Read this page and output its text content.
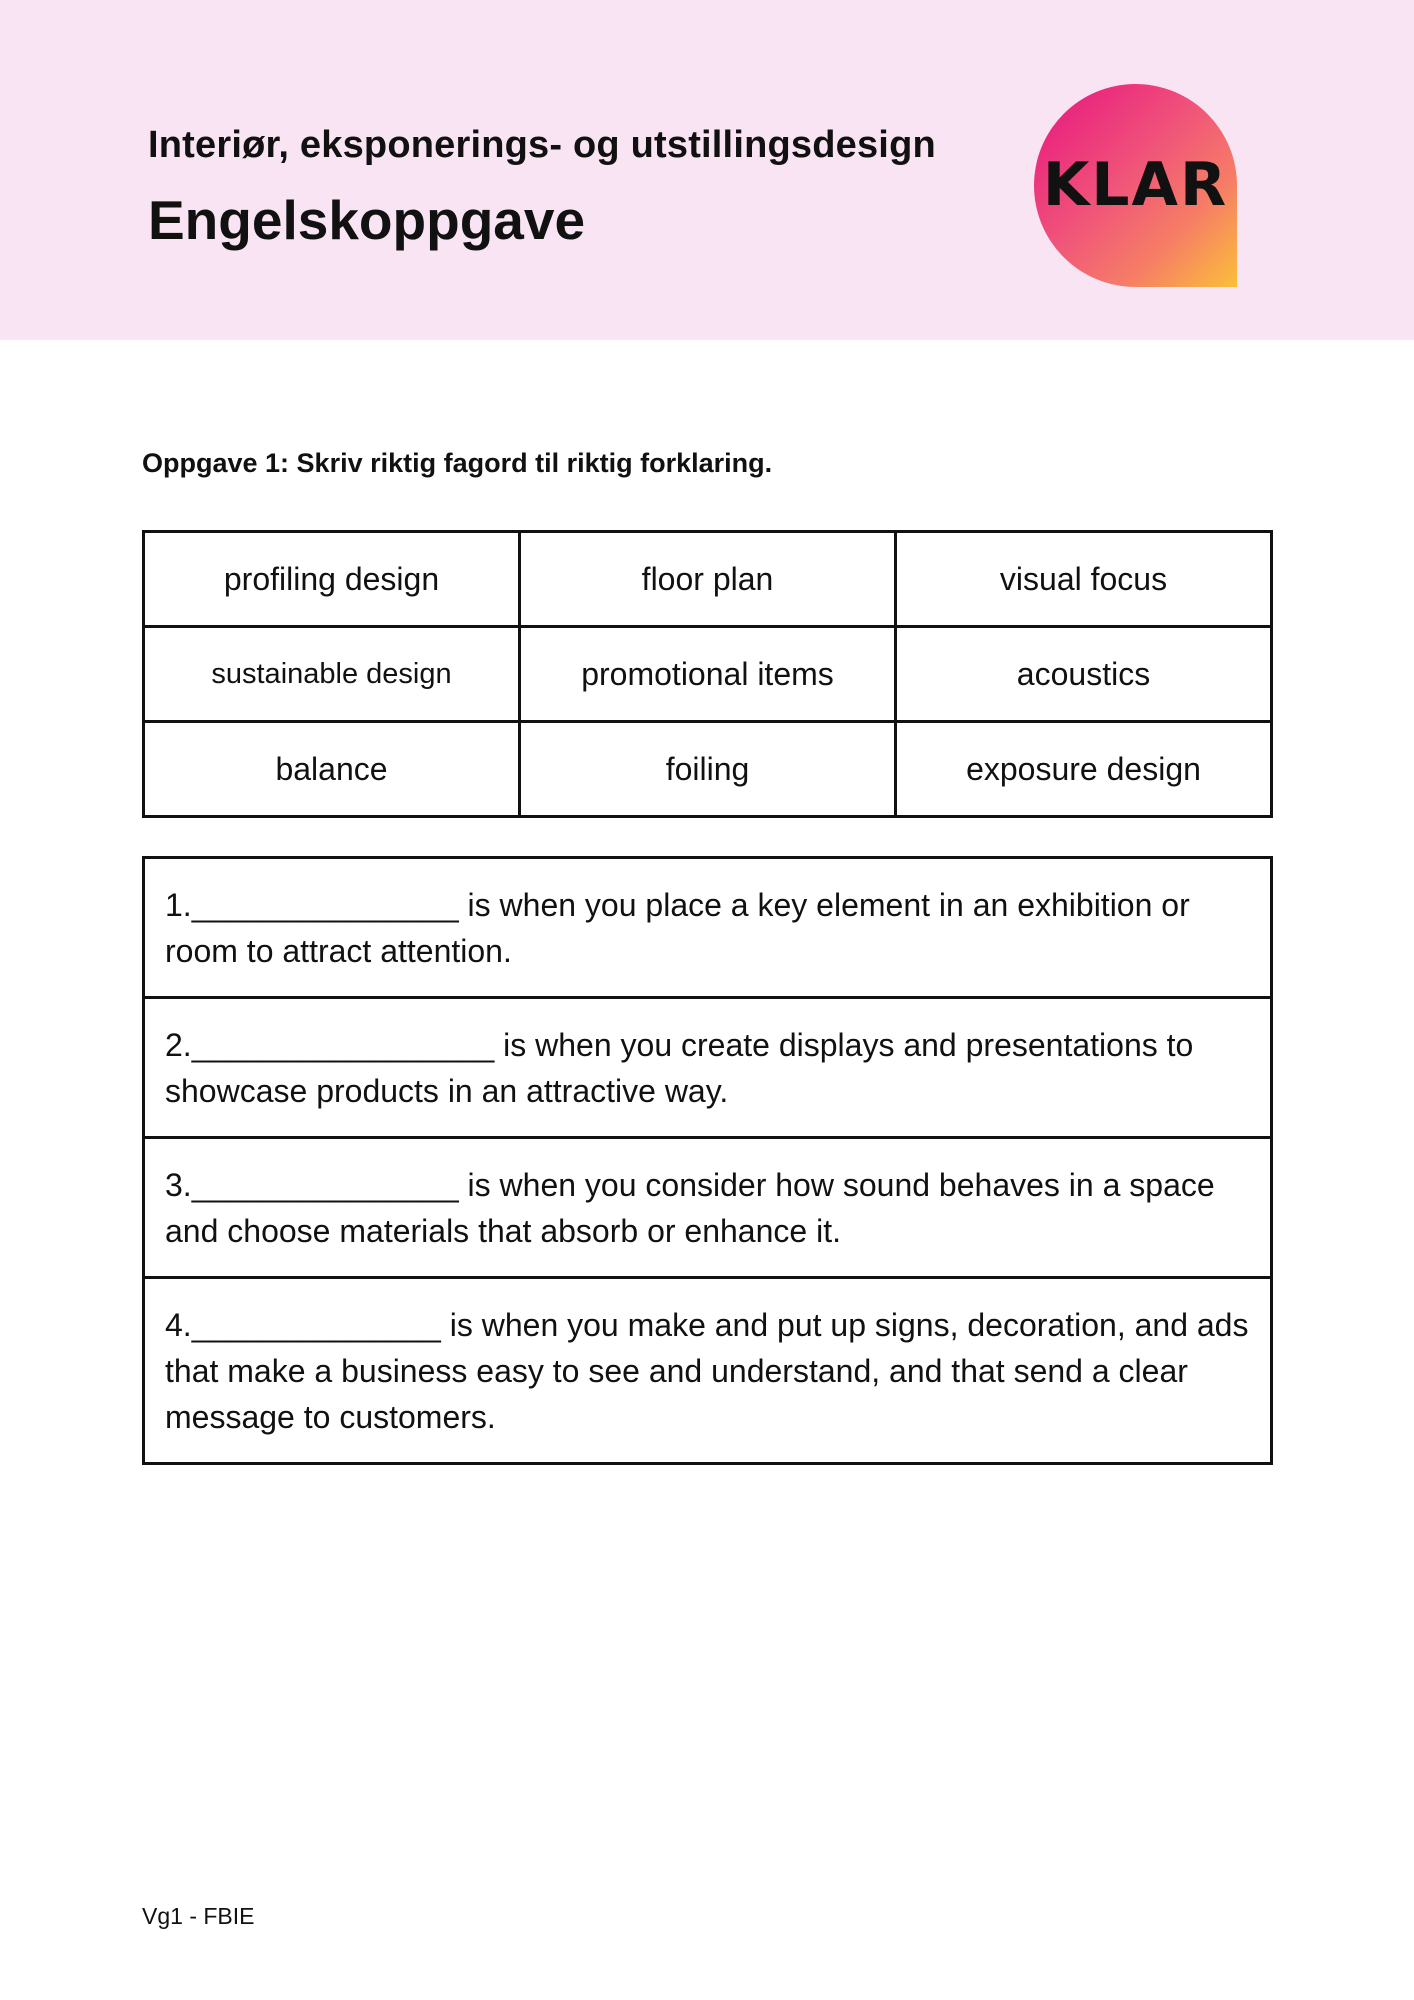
Interiør, eksponerings- og utstillingsdesign
Engelskoppgave	KLAR
Oppgave 1: Skriv riktig fagord til riktig forklaring.
profiling design	floor plan	visual focus
sustainable design	promotional items	acoustics
balance	foiling	exposure design
1._______________ is when you place a key element in an exhibition or room to attract attention.
2._________________ is when you create displays and presentations to showcase products in an attractive way.
3._______________ is when you consider how sound behaves in a space and choose materials that absorb or enhance it.
4.______________ is when you make and put up signs, decoration, and ads that make a business easy to see and understand, and that send a clear message to customers.
Vg1 - FBIE
